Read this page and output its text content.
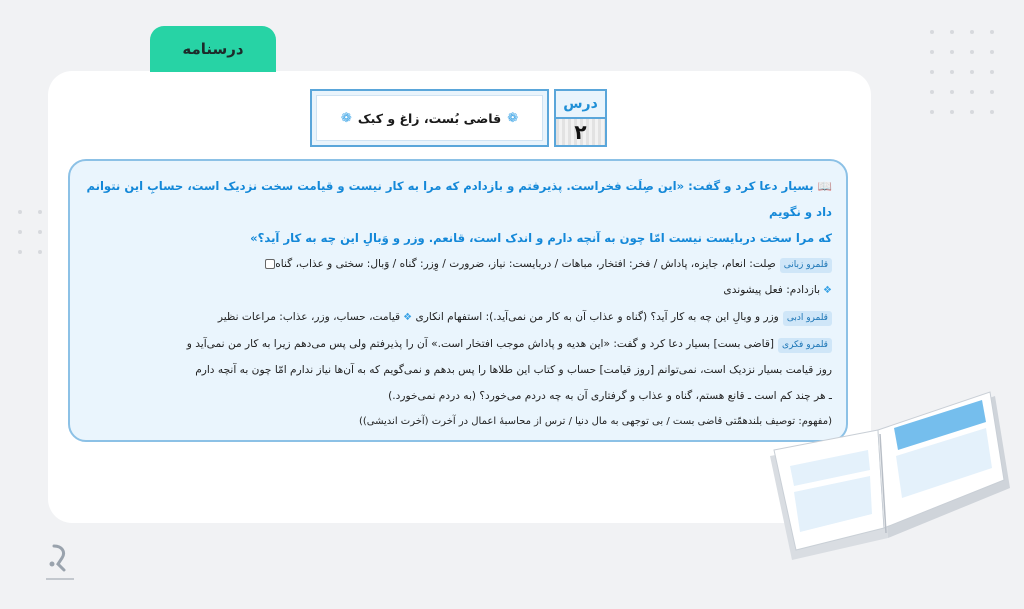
درسنامه
درس
۲
❁
قاضی بُست، زاغ و کبک
❁
📖بسیار دعا کرد و گفت: «این صِلَت فخراست. پذیرفتم و بازدادم که مرا به کار نیست و قیامت سخت نزدیک است، حسابِ این نتوانم داد و نگویم
که مرا سخت دربایست نیست امّا چون به آنچه دارم و اندک است، قانعم. وزر و وَبالِ این چه به کار آید؟»
قلمرو زبانیصِلت: انعام، جایزه، پاداش / فخر: افتخار، مباهات / دربایست: نیاز، ضرورت / وِزر: گناه / وَبال: سختی و عذاب، گناه
❖بازدادم: فعل پیشوندی
قلمرو ادبیوزر و وبالِ این چه به کار آید؟ (گناه و عذاب آن به کار من نمی‌آید.): استفهام انکاری ❖قیامت، حساب، وزر، عذاب: مراعات نظیر
قلمرو فکری[قاضی بست] بسیار دعا کرد و گفت: «این هدیه و پاداش موجب افتخار است.» آن را پذیرفتم ولی پس می‌دهم زیرا به کار من نمی‌آید و
روز قیامت بسیار نزدیک است، نمی‌توانم [روز قیامت] حساب و کتاب این طلاها را پس بدهم و نمی‌گویم که به آن‌ها نیاز ندارم امّا چون به آنچه دارم
ـ هر چند کم است ـ قانع هستم، گناه و عذاب و گرفتاری آن به چه دردم می‌خورد؟ (به دردم نمی‌خورد.)
(مفهوم: توصیف بلندهمّتی قاضی بست / بی توجهی به مال دنیا / ترس از محاسبهٔ اعمال در آخرت (آخرت اندیشی))
